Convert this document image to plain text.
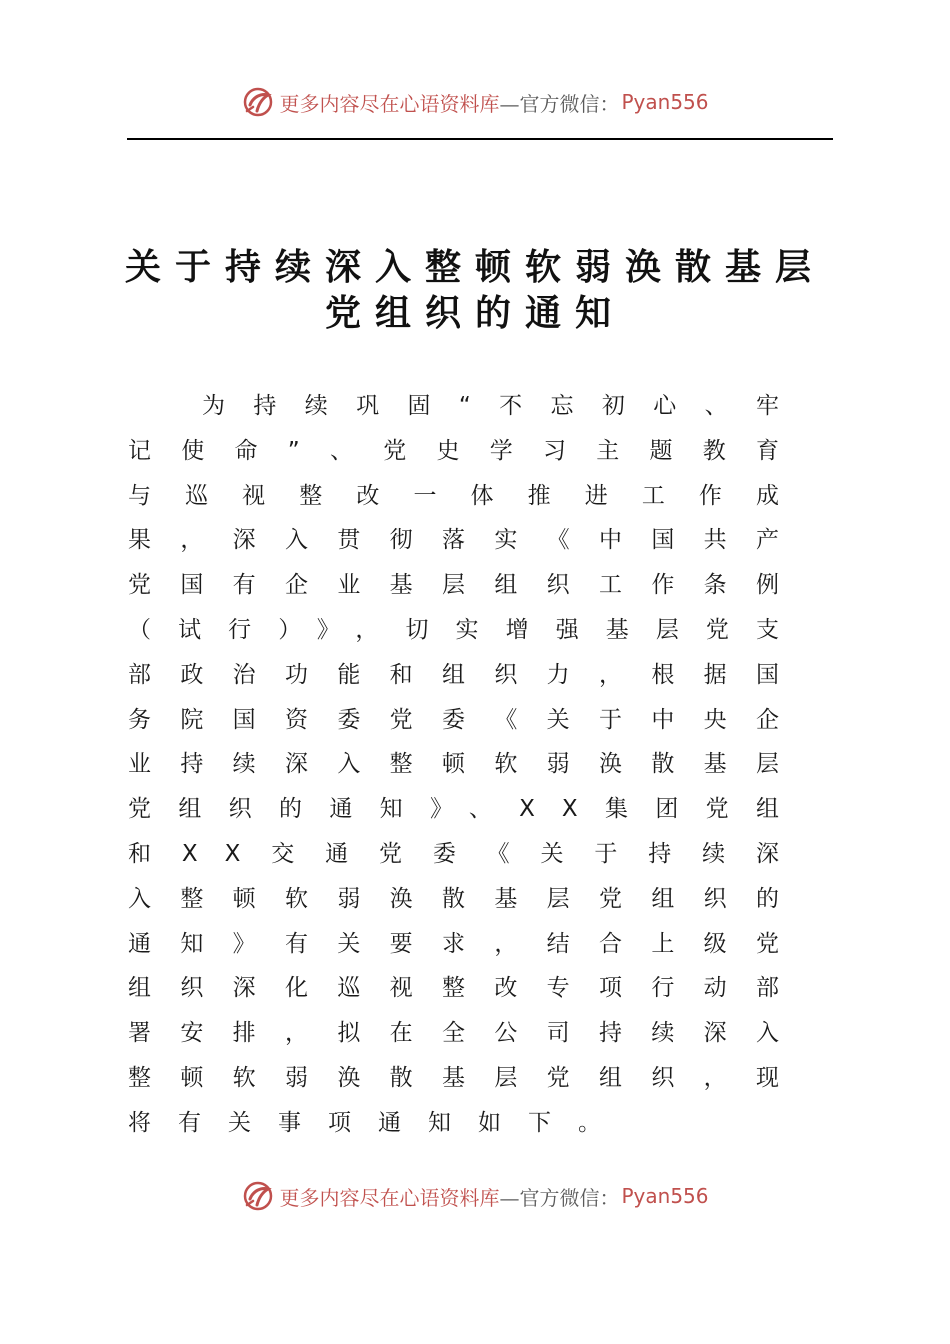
更多内容尽在心语资料库 —官方微信： Pyan556
关于持续深入整顿软弱涣散基层
党组织的通知
为持续巩固“不忘初心、牢记使命”、党史学习主题教育与巡视整改一体推进工作成果，深入贯彻落实《中国共产党国有企业基层组织工作条例（试行）》，切实增强基层党支部政治功能和组织力，根据国务院国资委党委《关于中央企业持续深入整顿软弱涣散基层党组织的通知》、XX集团党组和XX交通党委《关于持续深入整顿软弱涣散基层党组织的通知》有关要求，结合上级党组织深化巡视整改专项行动部署安排，拟在全公司持续深入整顿软弱涣散基层党组织，现将有关事项通知如下。
更多内容尽在心语资料库 —官方微信： Pyan556
